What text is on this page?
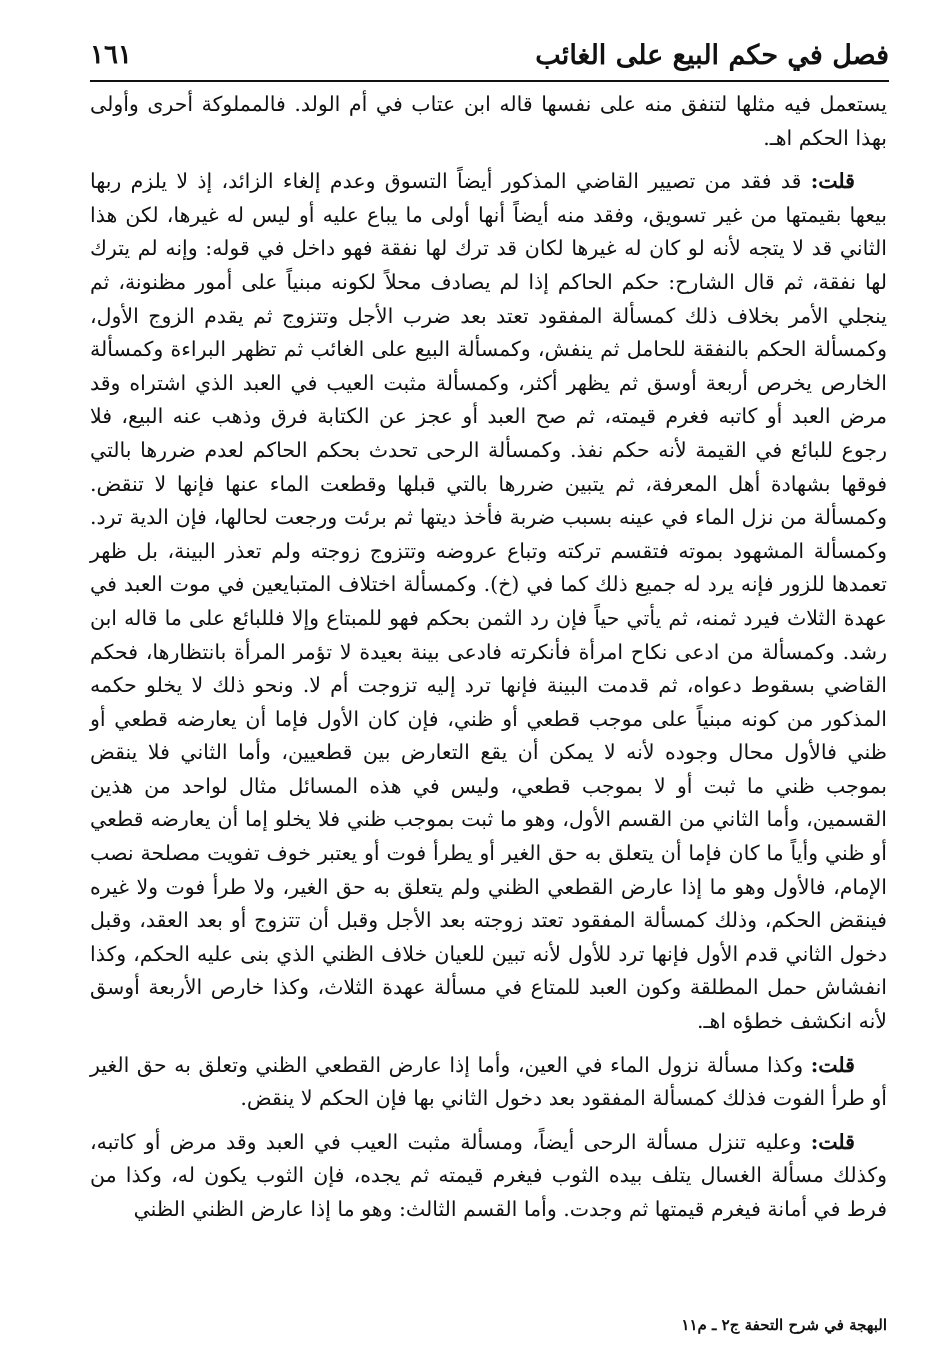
فصل في حكم البيع على الغائب
١٦١

يستعمل فيه مثلها لتنفق منه على نفسها قاله ابن عتاب في أم الولد. فالمملوكة أحرى وأولى بهذا الحكم اهـ.

قلت: قد فقد من تصيير القاضي المذكور أيضاً التسوق وعدم إلغاء الزائد، إذ لا يلزم ربها بيعها بقيمتها من غير تسويق، وفقد منه أيضاً أنها أولى ما يباع عليه أو ليس له غيرها، لكن هذا الثاني قد لا يتجه لأنه لو كان له غيرها لكان قد ترك لها نفقة فهو داخل في قوله: وإنه لم يترك لها نفقة، ثم قال الشارح: حكم الحاكم إذا لم يصادف محلاً لكونه مبنياً على أمور مظنونة، ثم ينجلي الأمر بخلاف ذلك كمسألة المفقود تعتد بعد ضرب الأجل وتتزوج ثم يقدم الزوج الأول، وكمسألة الحكم بالنفقة للحامل ثم ينفش، وكمسألة البيع على الغائب ثم تظهر البراءة وكمسألة الخارص يخرص أربعة أوسق ثم يظهر أكثر، وكمسألة مثبت العيب في العبد الذي اشتراه وقد مرض العبد أو كاتبه فغرم قيمته، ثم صح العبد أو عجز عن الكتابة فرق وذهب عنه البيع، فلا رجوع للبائع في القيمة لأنه حكم نفذ. وكمسألة الرحى تحدث بحكم الحاكم لعدم ضررها بالتي فوقها بشهادة أهل المعرفة، ثم يتبين ضررها بالتي قبلها وقطعت الماء عنها فإنها لا تنقض. وكمسألة من نزل الماء في عينه بسبب ضربة فأخذ ديتها ثم برئت ورجعت لحالها، فإن الدية ترد. وكمسألة المشهود بموته فتقسم تركته وتباع عروضه وتتزوج زوجته ولم تعذر البينة، بل ظهر تعمدها للزور فإنه يرد له جميع ذلك كما في (خ). وكمسألة اختلاف المتبايعين في موت العبد في عهدة الثلاث فيرد ثمنه، ثم يأتي حياً فإن رد الثمن بحكم فهو للمبتاع وإلا فللبائع على ما قاله ابن رشد. وكمسألة من ادعى نكاح امرأة فأنكرته فادعى بينة بعيدة لا تؤمر المرأة بانتظارها، فحكم القاضي بسقوط دعواه، ثم قدمت البينة فإنها ترد إليه تزوجت أم لا. ونحو ذلك لا يخلو حكمه المذكور من كونه مبنياً على موجب قطعي أو ظني، فإن كان الأول فإما أن يعارضه قطعي أو ظني فالأول محال وجوده لأنه لا يمكن أن يقع التعارض بين قطعيين، وأما الثاني فلا ينقض بموجب ظني ما ثبت أو لا بموجب قطعي، وليس في هذه المسائل مثال لواحد من هذين القسمين، وأما الثاني من القسم الأول، وهو ما ثبت بموجب ظني فلا يخلو إما أن يعارضه قطعي أو ظني وأياً ما كان فإما أن يتعلق به حق الغير أو يطرأ فوت أو يعتبر خوف تفويت مصلحة نصب الإمام، فالأول وهو ما إذا عارض القطعي الظني ولم يتعلق به حق الغير، ولا طرأ فوت ولا غيره فينقض الحكم، وذلك كمسألة المفقود تعتد زوجته بعد الأجل وقبل أن تتزوج أو بعد العقد، وقبل دخول الثاني قدم الأول فإنها ترد للأول لأنه تبين للعيان خلاف الظني الذي بنى عليه الحكم، وكذا انفشاش حمل المطلقة وكون العبد للمتاع في مسألة عهدة الثلاث، وكذا خارص الأربعة أوسق لأنه انكشف خطؤه اهـ.

قلت: وكذا مسألة نزول الماء في العين، وأما إذا عارض القطعي الظني وتعلق به حق الغير أو طرأ الفوت فذلك كمسألة المفقود بعد دخول الثاني بها فإن الحكم لا ينقض.

قلت: وعليه تنزل مسألة الرحى أيضاً، ومسألة مثبت العيب في العبد وقد مرض أو كاتبه، وكذلك مسألة الغسال يتلف بيده الثوب فيغرم قيمته ثم يجده، فإن الثوب يكون له، وكذا من فرط في أمانة فيغرم قيمتها ثم وجدت. وأما القسم الثالث: وهو ما إذا عارض الظني الظني

البهجة في شرح التحفة ج٢ ـ م١١
